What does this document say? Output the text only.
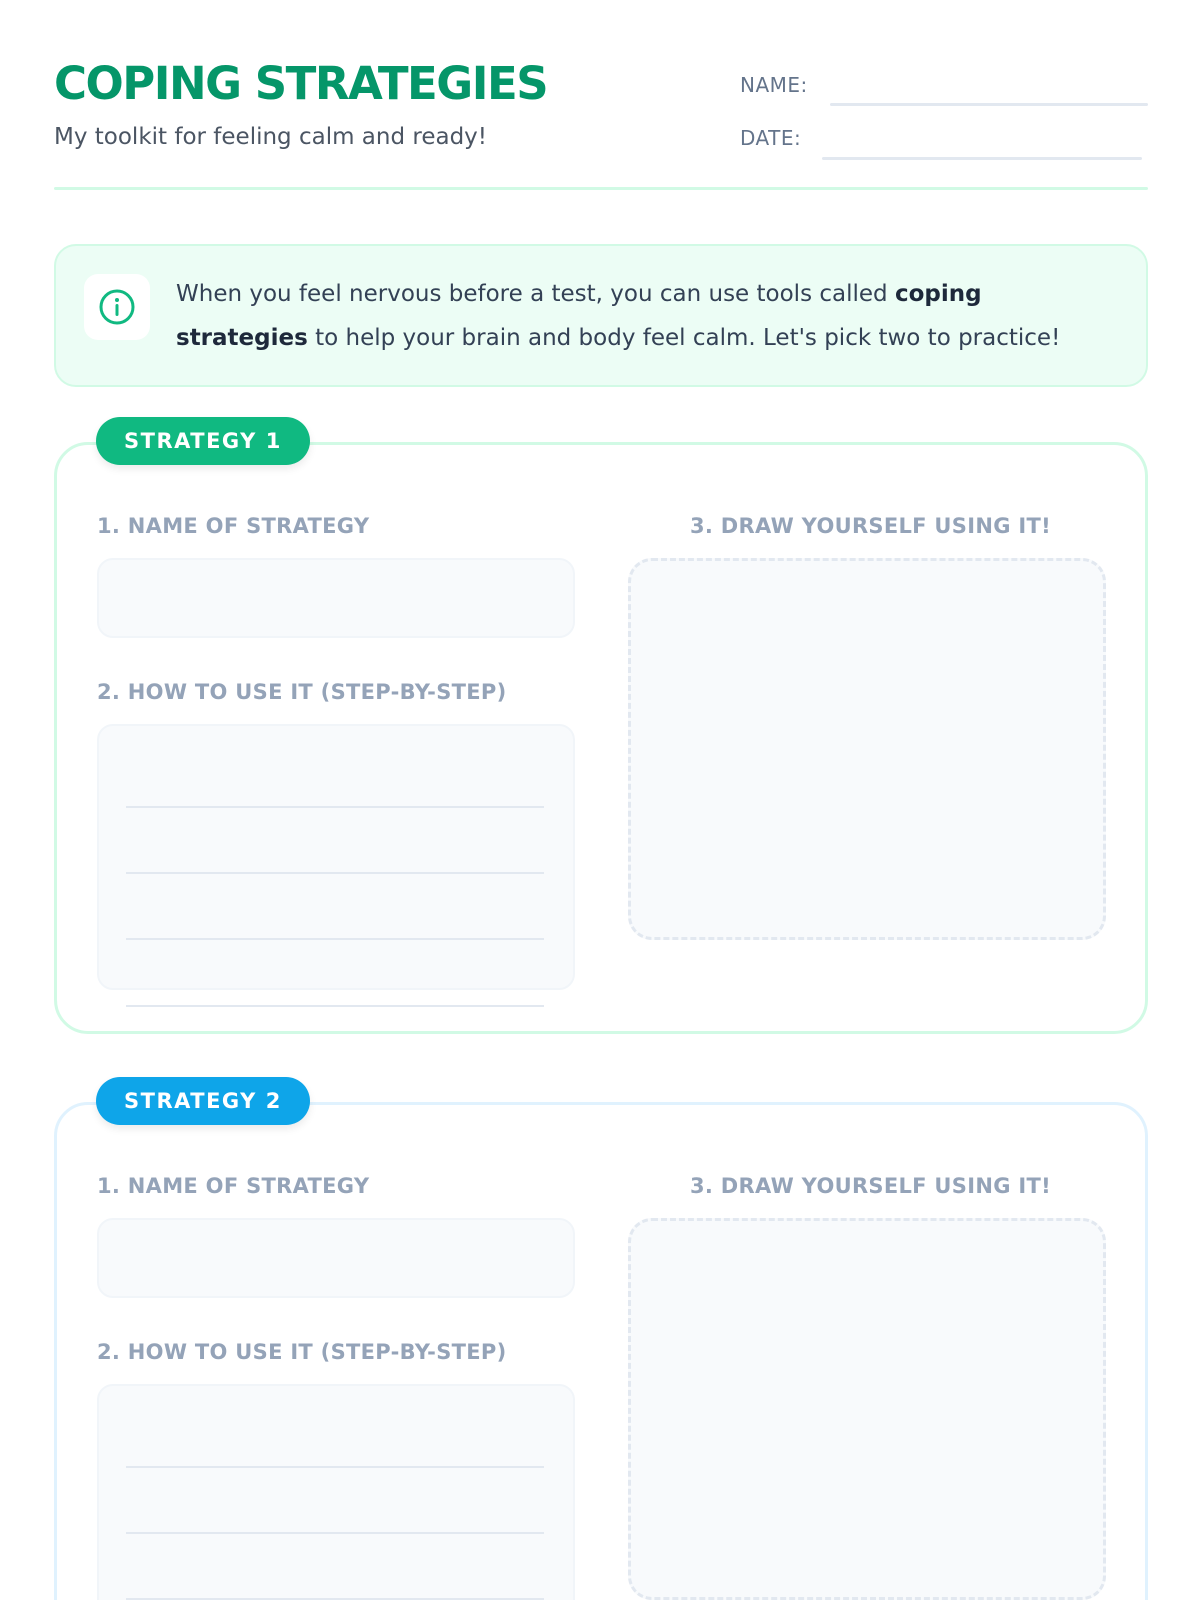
COPING STRATEGIES
My toolkit for feeling calm and ready!
NAME:
DATE:
When you feel nervous before a test, you can use tools called coping strategies to help your brain and body feel calm. Let's pick two to practice!
STRATEGY 1
1. NAME OF STRATEGY
2. HOW TO USE IT (STEP-BY-STEP)
3. DRAW YOURSELF USING IT!
STRATEGY 2
1. NAME OF STRATEGY
2. HOW TO USE IT (STEP-BY-STEP)
3. DRAW YOURSELF USING IT!
